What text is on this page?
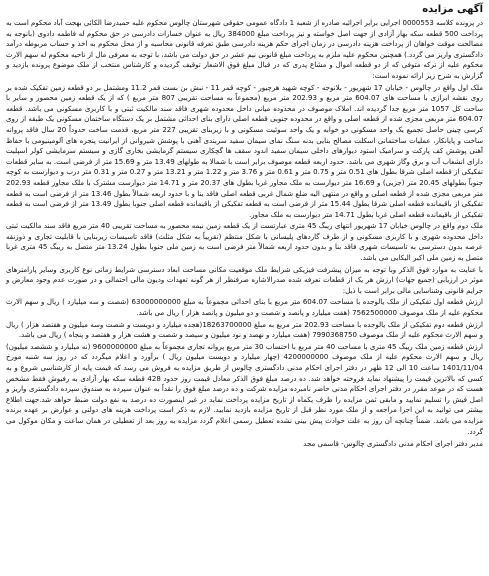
آگهی مزایده

در پرونده کلاسه 0000553 اجرایی برابر اجرائیه صادره از شعبه 1 دادگاه عمومی حقوقی شهرستان چالوس محکوم علیه حمیدرضا الکائی بهجت آباد محکوم است به پرداخت 500 قطعه سکه بهار آزادی از جهت اصل خواسته و نیز پرداخت مبلغ 384000 ریال به عنوان خسارات دادرسی در حق محکوم له فاطمه دادوی (بانوجه به مصالحت موقت خواهان از پرداخت هزینه دادرسی در زمان اجرای حکم هزینه دادرسی طبق تعرفه قانونی محاسبه و از محل محکوم به اخذ و حساب مربوطه درآمد دادگستری واریز می گردد.) همچنین محکوم علیه ملزم به پرداخت مبلغ قانونی نیم عشر در حق دولت می باشد، با توجه به معرفی مال از ناحیه محکوم له سهم الارث محکوم علیه از ترکه متوفی که از دو قطعه اموال و مشاع پدری که در قبال مبلغ فوق الاشعار توقیف گردیده و کارشناس منتخب از ملک موضوع پرونده بازدید و گزارش به شرح زیر ارائه نموده است:

ملک اول واقع در چالوس - خیابان 17 شهریور - بلانوجه - کوچه شهید هرچیور - کوچه قمر 11 - نبش بن بست قمر 11.2 ومشتمل بر دو قطعه زمین تفکیک شده بر روی نقشه ابرازی با مساحت های 604.07 متر مربع و 202.93 متر مربع (مجموعاً به مساحت تقریبی 807 متر مربع ) که از یک قطعه زمین محصور و سایر با ساحت کل 1057 متر مربع جدا گردیده اند. املاک موصوف در محدوده میانی داخل محدوده شهری فاقد سند مالکیت ثبتی و با کاربری مسکونی می باشد. قطعه 604.07 متر مربعی مجزی شده از قطعه اصلی و واقع در محدوده جنوبی قطعه اصلی دارای بنای احداثی مشتمل بر یک دستگاه ساختمان مسکونی یک طبقه از روی کرسی چینی حاصل تجمیع یک واحد مسکونی دو خوابه و یک واحد سوئیت مسکونی و با زیربنای تقریبی 227 متر مربع، قدمت ساخت حدوداً 20 سال فاقد پروانه ساخت و پایانکار، عملیات ساختمانی اسکلت مصالح بنایی بدنه سنگ نمای سیمان سفید سربندی آهنی با پوشش شیروانی از ایرانیت پنجره های آلومینیومی با حفاظ آهنی پوشش کف پارکت و سرامیک استود دیوارهای داخلی سیمان سفید اندود سقف ها گچکاری سیستم گرمایشی بخاری گازی و سیستم سرمایشی کولر اسپلیت دارای انشعاب آب و برق وگاز شهری می باشد. حدود اربعه قطعه موصوف برابر است با شمالا به طولهای 13.49 متر و 15.69 متر از فرضی است. به سایر قطعات تفکیکی از قطعه اصلی شرقا بطول های 0.51 متر و 0.75 متر و 0.61 متر و 3.76 متر و 1.22 متر و 13.21 متر و 0.27 متر و 0.31 متر درب و دیوارست به کوچه جنوباً بطولهای 20.45 متر (جزیی) و 16.69 متر دیوارست به ملک مجاور غربا بطول های 20.37 متر و 14.71 متر دیوارست مشترک با ملک مجاور قطعه 202.93 متر مربعی مجزی شده از قطعه اصلی و واقع در منتهی الیه ضلع شمال غربی قطعه اصلی فاقد بنا و با حدود اربعه شمالاً بطول 13.46 متر از فرضی است به قطعه تفکیکی از باقیمانده قطعه اصلی شرقا بطول 15.44 متر از فرضی است به قطعه تفکیکی از باقیمانده قطعه اصلی جنوبا بطول 13.49 متر از فرضی است به قطعه تفکیکی از باقیمانده قطعه اصلی غربا بطول 14.71 متر دیوارست به ملک مجاور.

ملک دوم واقع در چالوس خیابان 17 شهریور انتهای ریبگ 45 متری عبارتست از یک قطعه زمین نیمه محصور به مساحت تقریبی 40 متر مربع فاقد سند مالکیت ثبتی داخل محدوده شهری و با کاربری مسکونی و از طرف گاردهای پلیسانی با شکل منتظم (تقریباً به شکل مثلث) فاقد تاسیسات زیربنایی با قابلیت تجاری و ذوزنقه عرصه بدون دسترسی به تاسیسات شهری فاقد بنا و بدون حدود اربعه شمالاً متر فرضی است به زمین ملی جنوبا بطول 13.24 متر متصل به ریبگ 45 متری غربا متصل به زمین ملی اکبر الیکایی می باشد.

با عنایت به موارد فوق الذکر وبا توجه به میزان پیشرفت فیزیکی شرایط ملک موقعیت مکانی مساحت ابعاد دسترسی شرایط زمانی نوع کاربری وسایر پارامترهای موثر در ارزیابی (جمیع جهات) ارزش هر یک از قطعات تعرفه شده صدرالاشاره صرفنظر از هر گونه تعهدات ودیون مالی احتمالی و در صورت عدم وجود معارض و جرایم قانونی وشناسایی مالی برابر است با ذیل:

ارزش قطعه اول تفکیکی از ملک یالوجده با مساحت 604.07 متر مربع با بنای احداثی مجموعاً به مبلغ 63000000000 (شصت و سه میلیارد ) ریال و سهم الارث محکوم علیه از ملک موصوف 7562500000 (هفت میلیارد و پانصد و شصت و دو میلیون و پانصد هزار ) ریال می باشد.

ارزش قطعه دوم تفکیکی از ملک یالوجده با مساحت 202.93 متر مربع به مبلغ 18263700000(هجده میلیارد و دویست و شصت وسه میلیون و هفتصد هزار ) ریال و سهم الارث محکوم علیه از ملک موصوف 7990368750 (هفت میلیارد و نهصد و نود میلیون و سیصد و شصت و هشت هزار و هفتصد و پنجاه ) ریال می باشد.

ارزش قطعه زمین ملک ریبگ 45 متری با مساحت 40 متر مربع با احتساب 30 متر مربع پروانه تجاری مجموعاً به مبلغ 9600000000 (نه میلیارد و ششصد میلیون) ریال و سهم الارث محکوم علیه از ملک موصوف 4200000000 (چهار میلیارد و دویست میلیون ریال ) برآورد و اعلام میگردد که در روز سه شنبه مورخ 1401/11/04 ساعت 10 الی 12 ظهر در دفتر اجرای احکام مدنی دادگستری چالوس از طریق مزایده به فروش می رسد که قیمت پایه از کارشناسی شروع و به کسی که بالاترین قیمت را پیشنهاد نماید فروخته خواهد شد. ده درصد مبلغ فوق الذکر معادل قیمت روز حدود 428 قطعه سکه بهار آزادی به رفیوش فقط مشخص هست که در موعد مقرر در دفتر اجرای احکام مدنی حاضر نامبرده مزایده شرکت و ده درصد مبلغ فوق را نقداً به عنوان سپرده به صندوق سپرده دادگستری واریز و اصل فیش را تسلیم نمایید و مابقی ثمن مزایده را ظرف یکماه از تاریخ مزایده پرداخت نماید در غیر اینصورت ده درصد به نفع دولت ضبط خواهد شد.جهت اطلاع بیشتر می توانید به این اجرا مراجعه و از ملک مورد نظر قبل از تاریخ مزایده بازدید نمایید. لازم به ذکر است پرداخت هزینه های دولتی و عوارض بر عهده برنده مزایده می باشد. ضمناً چنانچه آن روز به علت حوادث پیش بینی نشده تعطیل رسمی اعلام گردد مزایده به روز بعد از تعطیلی در همان ساعت و مکان موکول می گردد.

مدیر دفتر اجرای احکام مدنی دادگستری چالوس- قاسمی مجد
